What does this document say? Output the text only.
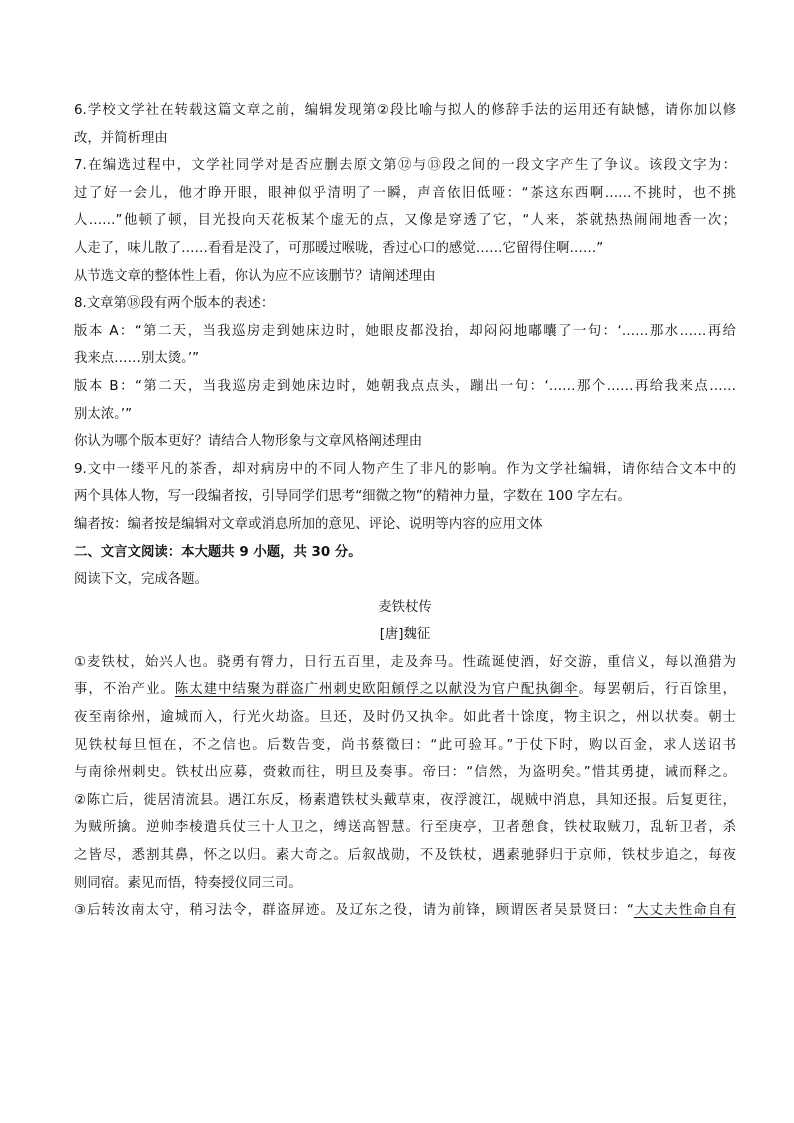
6.学校文学社在转载这篇文章之前，编辑发现第②段比喻与拟人的修辞手法的运用还有缺憾，请你加以修

改，并简析理由

7.在编选过程中，文学社同学对是否应删去原文第⑫与⑬段之间的一段文字产生了争议。该段文字为：

过了好一会儿，他才睁开眼，眼神似乎清明了一瞬，声音依旧低哑：“茶这东西啊……不挑时，也不挑

人……”他顿了顿，目光投向天花板某个虚无的点，又像是穿透了它，“人来，茶就热热闹闹地香一次；

人走了，味儿散了……看看是没了，可那暖过喉咙，香过心口的感觉……它留得住啊……”

从节选文章的整体性上看，你认为应不应该删节？请阐述理由

8.文章第⑱段有两个版本的表述：

版本 A：“第二天，当我巡房走到她床边时，她眼皮都没抬，却闷闷地嘟囔了一句：‘……那水……再给

我来点……别太烫。’”

版本 B：“第二天，当我巡房走到她床边时，她朝我点点头，蹦出一句：‘……那个……再给我来点……

别太浓。’”

你认为哪个版本更好？请结合人物形象与文章风格阐述理由

9.文中一缕平凡的茶香，却对病房中的不同人物产生了非凡的影响。作为文学社编辑，请你结合文本中的

两个具体人物，写一段编者按，引导同学们思考“细微之物”的精神力量，字数在 100 字左右。

编者按：编者按是编辑对文章或消息所加的意见、评论、说明等内容的应用文体

二、文言文阅读：本大题共 9 小题，共 30 分。

阅读下文，完成各题。

麦铁杖传

[唐]魏征

①麦铁杖，始兴人也。骁勇有膂力，日行五百里，走及奔马。性疏诞使酒，好交游，重信义，每以渔猎为

事，不治产业。陈太建中结聚为群盗广州刺史欧阳頠俘之以献没为官户配执御伞。每罢朝后，行百馀里，

夜至南徐州，逾城而入，行光火劫盗。旦还，及时仍又执伞。如此者十馀度，物主识之，州以状奏。朝士

见铁杖每旦恒在，不之信也。后数告变，尚书蔡徵曰：“此可验耳。”于仗下时，购以百金，求人送诏书

与南徐州刺史。铁杖出应募，赍敕而往，明旦及奏事。帝曰：“信然，为盗明矣。”惜其勇捷，诫而释之。

②陈亡后，徙居清流县。遇江东反，杨素遣铁杖头戴草束，夜浮渡江，觇贼中消息，具知还报。后复更往，

为贼所擒。逆帅李棱遣兵仗三十人卫之，缚送高智慧。行至庚亭，卫者憩食，铁杖取贼刀，乱斩卫者，杀

之皆尽，悉割其鼻，怀之以归。素大奇之。后叙战勋，不及铁杖，遇素驰驿归于京师，铁杖步追之，每夜

则同宿。素见而悟，特奏授仪同三司。

③后转汝南太守，稍习法令，群盗屏迹。及辽东之役，请为前锋，顾谓医者吴景贤曰：“大丈夫性命自有
